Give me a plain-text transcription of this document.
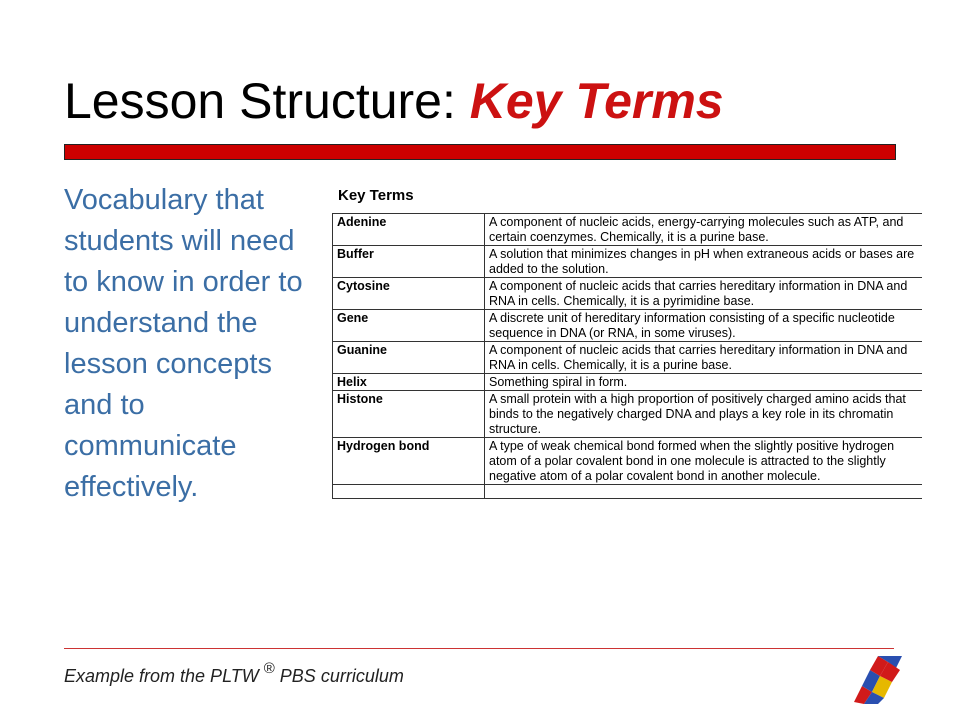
Lesson Structure: Key Terms

Vocabulary that students will need to know in order to understand the lesson concepts and to communicate effectively.

Key Terms

Adenine	A component of nucleic acids, energy-carrying molecules such as ATP, and certain coenzymes. Chemically, it is a purine base.
Buffer	A solution that minimizes changes in pH when extraneous acids or bases are added to the solution.
Cytosine	A component of nucleic acids that carries hereditary information in DNA and RNA in cells. Chemically, it is a pyrimidine base.
Gene	A discrete unit of hereditary information consisting of a specific nucleotide sequence in DNA (or RNA, in some viruses).
Guanine	A component of nucleic acids that carries hereditary information in DNA and RNA in cells. Chemically, it is a purine base.
Helix	Something spiral in form.
Histone	A small protein with a high proportion of positively charged amino acids that binds to the negatively charged DNA and plays a key role in its chromatin structure.
Hydrogen bond	A type of weak chemical bond formed when the slightly positive hydrogen atom of a polar covalent bond in one molecule is attracted to the slightly negative atom of a polar covalent bond in another molecule.

Example from the PLTW ® PBS curriculum
